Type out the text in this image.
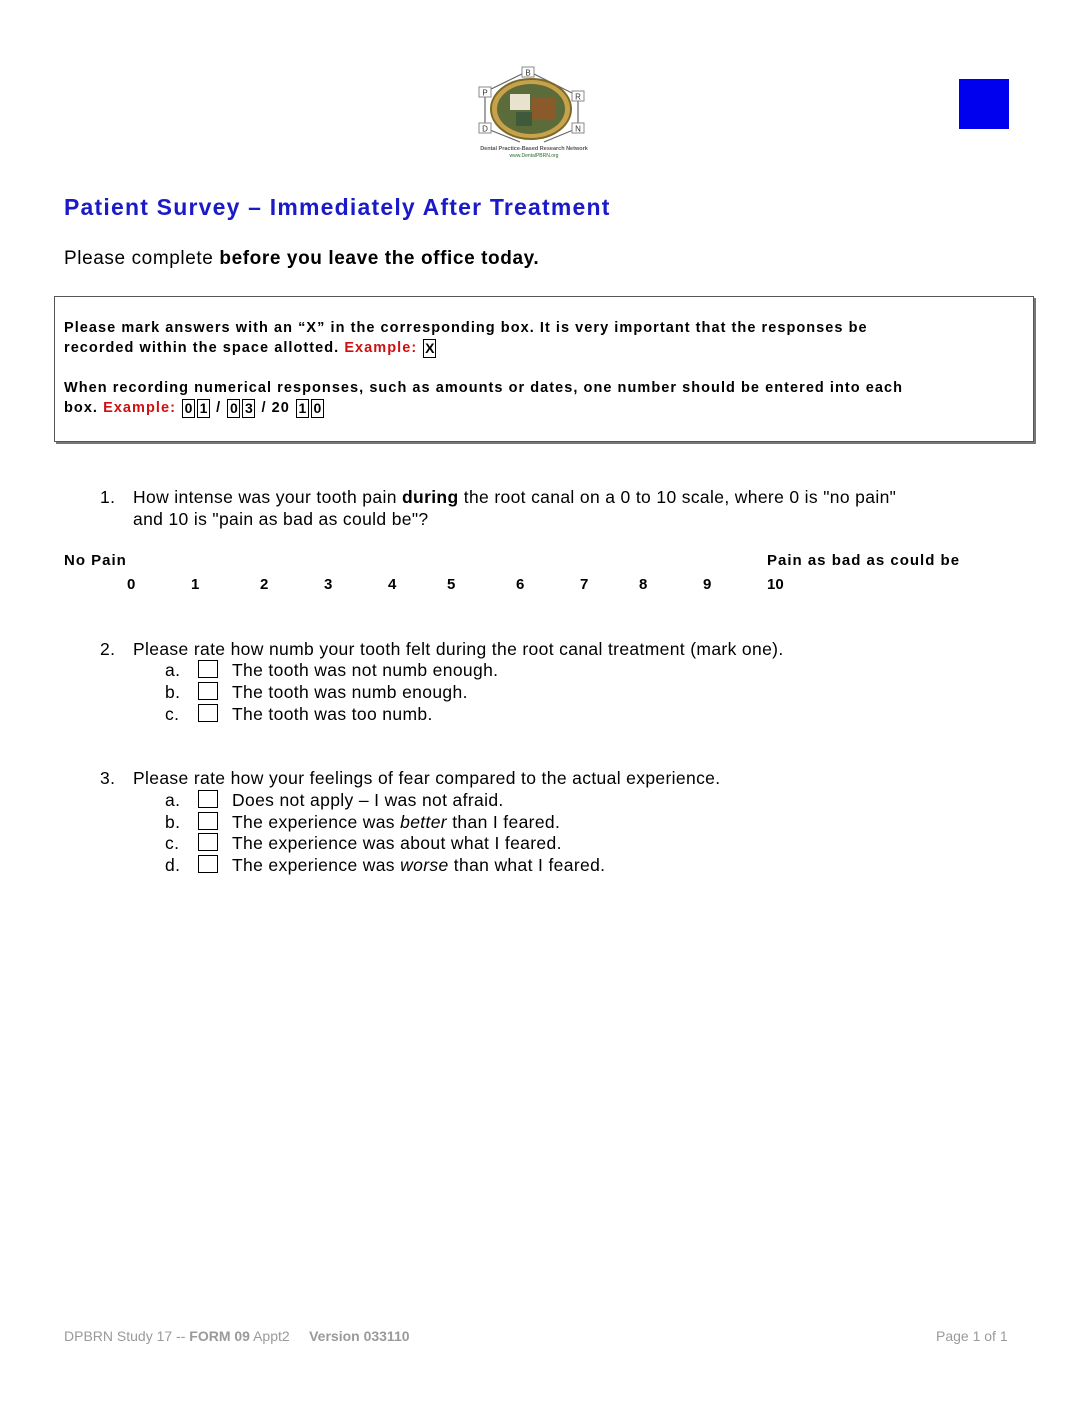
B
P	R
D	N
Dental Practice-Based Research Network
www.DentalPBRN.org
Patient Survey – Immediately After Treatment
Please complete before you leave the office today.
Please mark answers with an “X” in the corresponding box. It is very important that the responses be
recorded within the space allotted. Example: X
When recording numerical responses, such as amounts or dates, one number should be entered into each
box. Example: 0 1 / 0 3 / 20 1 0
1. How intense was your tooth pain during the root canal on a 0 to 10 scale, where 0 is "no pain"
and 10 is "pain as bad as could be"?
No Pain	Pain as bad as could be
0	1	2	3	4	5	6	7	8	9	10
2. Please rate how numb your tooth felt during the root canal treatment (mark one).
a.	The tooth was not numb enough.
b.	The tooth was numb enough.
c.	The tooth was too numb.
3. Please rate how your feelings of fear compared to the actual experience.
a.	Does not apply – I was not afraid.
b.	The experience was better than I feared.
c.	The experience was about what I feared.
d.	The experience was worse than what I feared.
DPBRN Study 17 -- FORM 09 Appt2 Version 033110	Page 1 of 1
